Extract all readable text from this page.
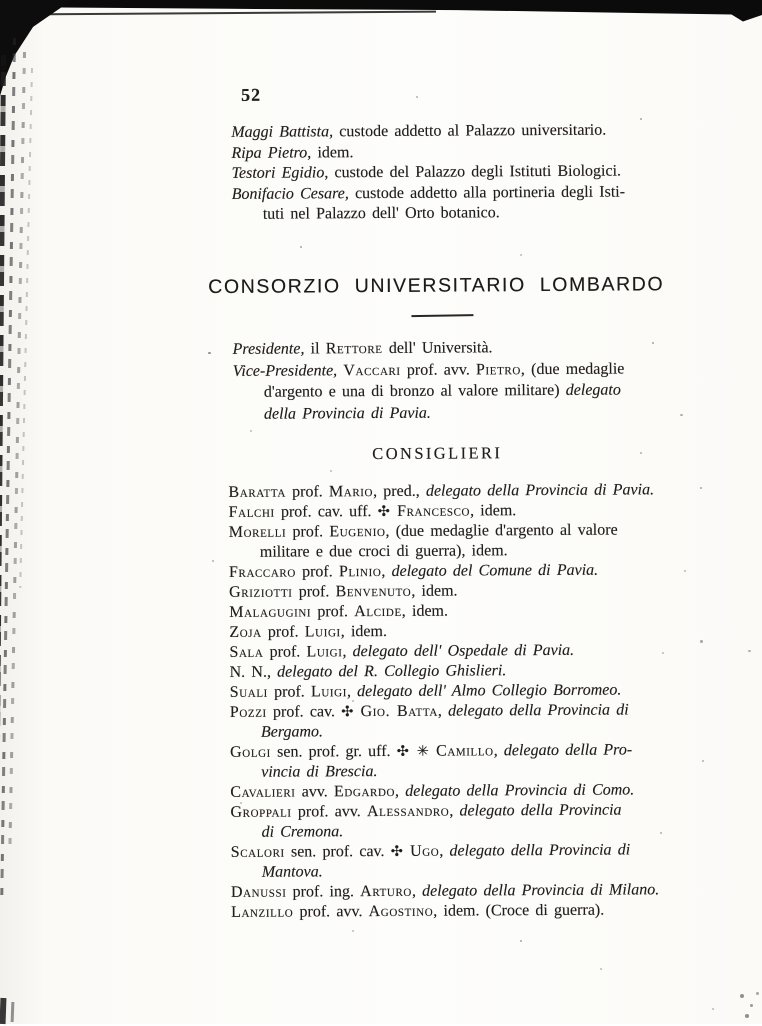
52
Maggi Battista, custode addetto al Palazzo universitario.
Ripa Pietro, idem.
Testori Egidio, custode del Palazzo degli Istituti Biologici.
Bonifacio Cesare, custode addetto alla portineria degli Isti-
tuti nel Palazzo dell' Orto botanico.
CONSORZIO UNIVERSITARIO LOMBARDO
Presidente, il Rettore dell' Università.
Vice-Presidente, Vaccari prof. avv. Pietro, (due medaglie
d'argento e una di bronzo al valore militare) delegato
della Provincia di Pavia.
CONSIGLIERI
Baratta prof. Mario, pred., delegato della Provincia di Pavia.
Falchi prof. cav. uff. ✣ Francesco, idem.
Morelli prof. Eugenio, (due medaglie d'argento al valore
militare e due croci di guerra), idem.
Fraccaro prof. Plinio, delegato del Comune di Pavia.
Griziotti prof. Benvenuto, idem.
Malagugini prof. Alcide, idem.
Zoja prof. Luigi, idem.
Sala prof. Luigi, delegato dell' Ospedale di Pavia.
N. N., delegato del R. Collegio Ghislieri.
Suali prof. Luigi, delegato dell' Almo Collegio Borromeo.
Pozzi prof. cav. ✣ Gio. Batta, delegato della Provincia di
Bergamo.
Golgi sen. prof. gr. uff. ✣ ✳ Camillo, delegato della Pro-
vincia di Brescia.
Cavalieri avv. Edgardo, delegato della Provincia di Como.
Groppali prof. avv. Alessandro, delegato della Provincia
di Cremona.
Scalori sen. prof. cav. ✣ Ugo, delegato della Provincia di
Mantova.
Danussi prof. ing. Arturo, delegato della Provincia di Milano.
Lanzillo prof. avv. Agostino, idem. (Croce di guerra).
